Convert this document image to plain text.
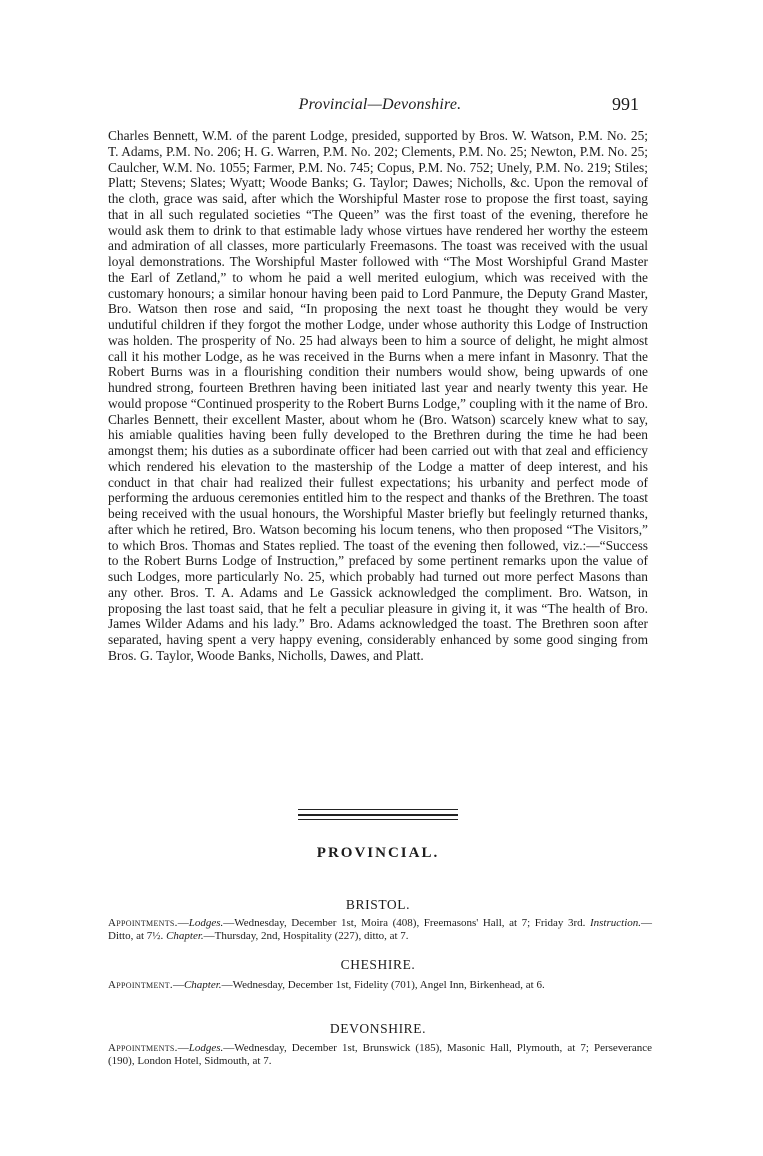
Provincial—Devonshire.	991

Charles Bennett, W.M. of the parent Lodge, presided, supported by Bros. W. Watson, P.M. No. 25; T. Adams, P.M. No. 206; H. G. Warren, P.M. No. 202; Clements, P.M. No. 25; Newton, P.M. No. 25; Caulcher, W.M. No. 1055; Farmer, P.M. No. 745; Copus, P.M. No. 752; Unely, P.M. No. 219; Stiles; Platt; Stevens; Slates; Wyatt; Woode Banks; G. Taylor; Dawes; Nicholls, &c. Upon the removal of the cloth, grace was said, after which the Worshipful Master rose to propose the first toast, saying that in all such regulated societies “The Queen” was the first toast of the evening, therefore he would ask them to drink to that estimable lady whose virtues have rendered her worthy the esteem and admiration of all classes, more particularly Freemasons. The toast was received with the usual loyal demonstrations. The Worshipful Master followed with “The Most Worshipful Grand Master the Earl of Zetland,” to whom he paid a well merited eulogium, which was received with the customary honours; a similar honour having been paid to Lord Panmure, the Deputy Grand Master, Bro. Watson then rose and said, “In proposing the next toast he thought they would be very undutiful children if they forgot the mother Lodge, under whose authority this Lodge of Instruction was holden. The prosperity of No. 25 had always been to him a source of delight, he might almost call it his mother Lodge, as he was received in the Burns when a mere infant in Masonry. That the Robert Burns was in a flourishing condition their numbers would show, being upwards of one hundred strong, fourteen Brethren having been initiated last year and nearly twenty this year. He would propose “Continued prosperity to the Robert Burns Lodge,” coupling with it the name of Bro. Charles Bennett, their excellent Master, about whom he (Bro. Watson) scarcely knew what to say, his amiable qualities having been fully developed to the Brethren during the time he had been amongst them; his duties as a subordinate officer had been carried out with that zeal and efficiency which rendered his elevation to the mastership of the Lodge a matter of deep interest, and his conduct in that chair had realized their fullest expectations; his urbanity and perfect mode of performing the arduous ceremonies entitled him to the respect and thanks of the Brethren. The toast being received with the usual honours, the Worshipful Master briefly but feelingly returned thanks, after which he retired, Bro. Watson becoming his locum tenens, who then proposed “The Visitors,” to which Bros. Thomas and States replied. The toast of the evening then followed, viz.:—“Success to the Robert Burns Lodge of Instruction,” prefaced by some pertinent remarks upon the value of such Lodges, more particularly No. 25, which probably had turned out more perfect Masons than any other. Bros. T. A. Adams and Le Gassick acknowledged the compliment. Bro. Watson, in proposing the last toast said, that he felt a peculiar pleasure in giving it, it was “The health of Bro. James Wilder Adams and his lady.” Bro. Adams acknowledged the toast. The Brethren soon after separated, having spent a very happy evening, considerably enhanced by some good singing from Bros. G. Taylor, Woode Banks, Nicholls, Dawes, and Platt.

PROVINCIAL.
BRISTOL.
Appointments.—Lodges.—Wednesday, December 1st, Moira (408), Freemasons' Hall, at 7; Friday 3rd. Instruction.—Ditto, at 7½. Chapter.—Thursday, 2nd, Hospitality (227), ditto, at 7.
CHESHIRE.
Appointment.—Chapter.—Wednesday, December 1st, Fidelity (701), Angel Inn, Birkenhead, at 6.
DEVONSHIRE.
Appointments.—Lodges.—Wednesday, December 1st, Brunswick (185), Masonic Hall, Plymouth, at 7; Perseverance (190), London Hotel, Sidmouth, at 7.
